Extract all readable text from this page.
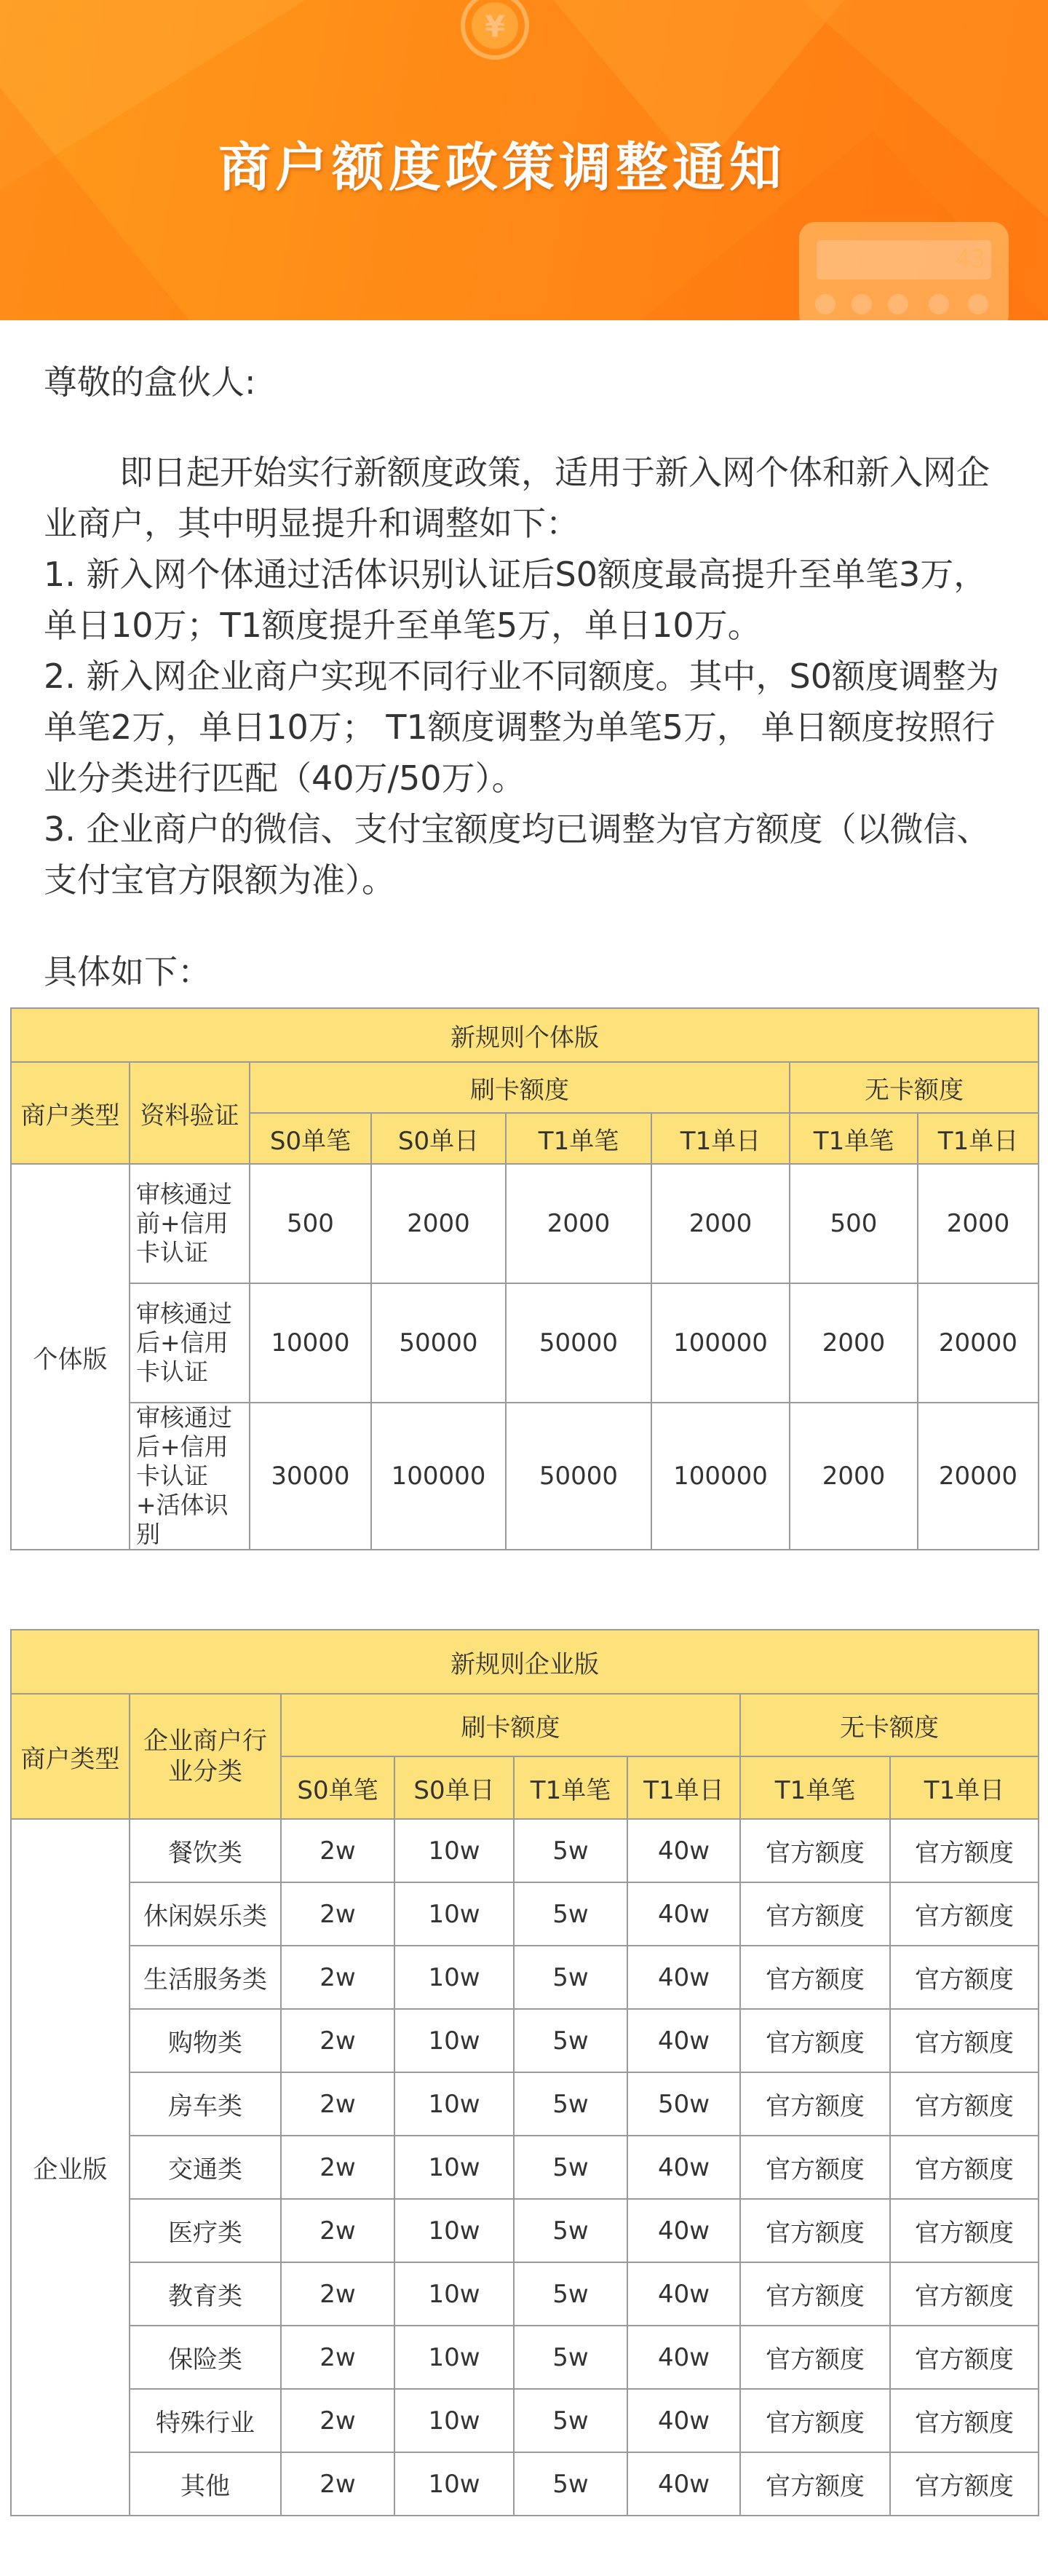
¥
43
商户额度政策调整通知

尊敬的盒伙人:

即日起开始实行新额度政策，适用于新入网个体和新入网企业商户，其中明显提升和调整如下：

1. 新入网个体通过活体识别认证后S0额度最高提升至单笔3万，单日10万；T1额度提升至单笔5万，单日10万。

2. 新入网企业商户实现不同行业不同额度。其中，S0额度调整为单笔2万，单日10万； T1额度调整为单笔5万， 单日额度按照行业分类进行匹配（40万/50万）。

3. 企业商户的微信、支付宝额度均已调整为官方额度（以微信、支付宝官方限额为准）。

具体如下：

新规则个体版							
商户类型	资料验证	刷卡额度				无卡额度	
		S0单笔	S0单日	T1单笔	T1单日	T1单笔	T1单日
个体版	审核通过前+信用卡认证	500	2000	2000	2000	500	2000
	审核通过后+信用卡认证	10000	50000	50000	100000	2000	20000
	审核通过后+信用卡认证+活体识别	30000	100000	50000	100000	2000	20000
新规则企业版							
商户类型	企业商户行业分类	刷卡额度				无卡额度	
		S0单笔	S0单日	T1单笔	T1单日	T1单笔	T1单日
企业版	餐饮类	2w	10w	5w	40w	官方额度	官方额度
	休闲娱乐类	2w	10w	5w	40w	官方额度	官方额度
	生活服务类	2w	10w	5w	40w	官方额度	官方额度
	购物类	2w	10w	5w	40w	官方额度	官方额度
	房车类	2w	10w	5w	50w	官方额度	官方额度
	交通类	2w	10w	5w	40w	官方额度	官方额度
	医疗类	2w	10w	5w	40w	官方额度	官方额度
	教育类	2w	10w	5w	40w	官方额度	官方额度
	保险类	2w	10w	5w	40w	官方额度	官方额度
	特殊行业	2w	10w	5w	40w	官方额度	官方额度
	其他	2w	10w	5w	40w	官方额度	官方额度
